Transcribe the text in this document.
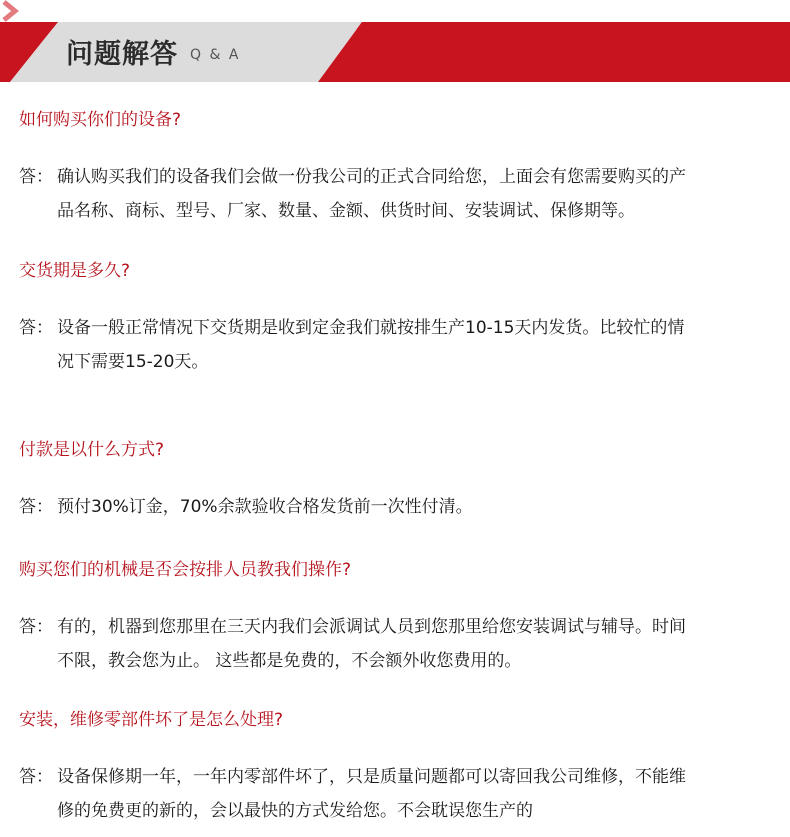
问题解答 Q & A
如何购买你们的设备?
答： 确认购买我们的设备我们会做一份我公司的正式合同给您，上面会有您需要购买的产
品名称、商标、型号、厂家、数量、金额、供货时间、安装调试、保修期等。
交货期是多久?
答： 设备一般正常情况下交货期是收到定金我们就按排生产10-15天内发货。比较忙的情
况下需要15-20天。
付款是以什么方式?
答： 预付30%订金，70%余款验收合格发货前一次性付清。
购买您们的机械是否会按排人员教我们操作?
答： 有的，机器到您那里在三天内我们会派调试人员到您那里给您安装调试与辅导。时间
不限，教会您为止。 这些都是免费的，不会额外收您费用的。
安装，维修零部件坏了是怎么处理?
答： 设备保修期一年，一年内零部件坏了，只是质量问题都可以寄回我公司维修，不能维
修的免费更的新的，会以最快的方式发给您。不会耽误您生产的
